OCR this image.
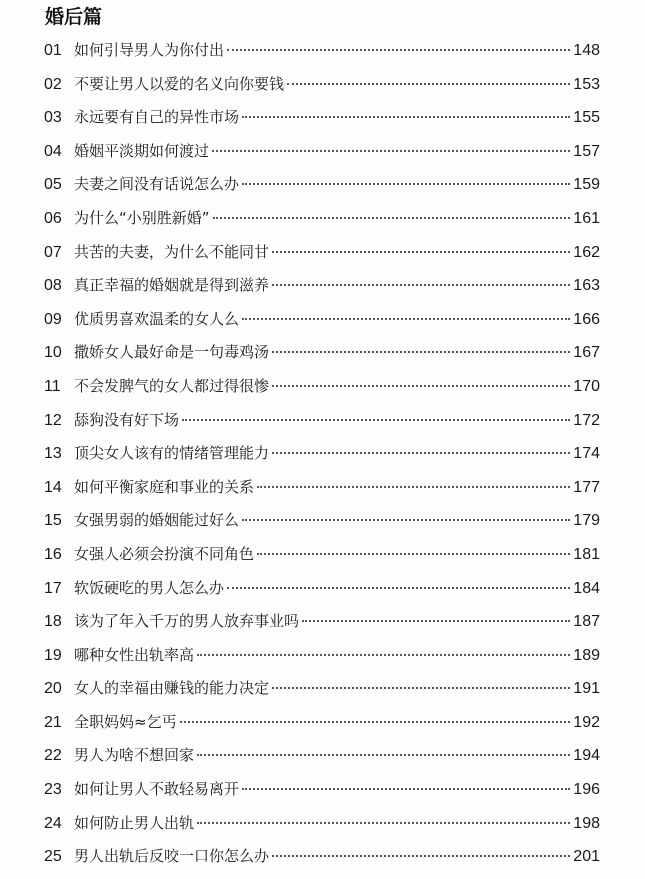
婚后篇
01 如何引导男人为你付出	148
02 不要让男人以爱的名义向你要钱	153
03 永远要有自己的异性市场	155
04 婚姻平淡期如何渡过	157
05 夫妻之间没有话说怎么办	159
06 为什么“小别胜新婚”	161
07 共苦的夫妻，为什么不能同甘	162
08 真正幸福的婚姻就是得到滋养	163
09 优质男喜欢温柔的女人么	166
10 撒娇女人最好命是一句毒鸡汤	167
11 不会发脾气的女人都过得很惨	170
12 舔狗没有好下场	172
13 顶尖女人该有的情绪管理能力	174
14 如何平衡家庭和事业的关系	177
15 女强男弱的婚姻能过好么	179
16 女强人必须会扮演不同角色	181
17 软饭硬吃的男人怎么办	184
18 该为了年入千万的男人放弃事业吗	187
19 哪种女性出轨率高	189
20 女人的幸福由赚钱的能力决定	191
21 全职妈妈≈乞丐	192
22 男人为啥不想回家	194
23 如何让男人不敢轻易离开	196
24 如何防止男人出轨	198
25 男人出轨后反咬一口你怎么办	201
